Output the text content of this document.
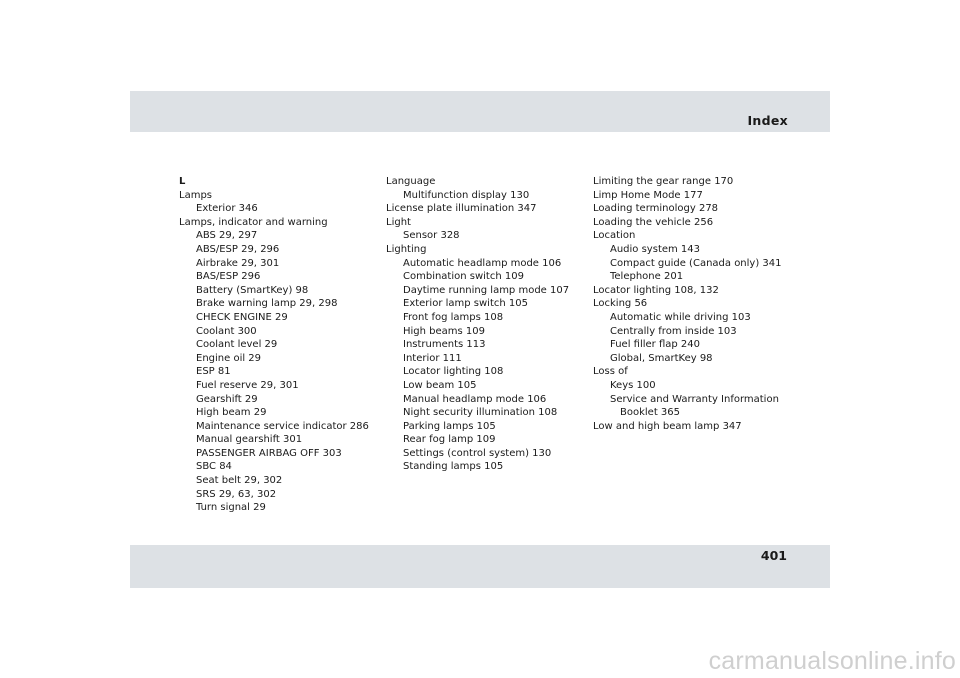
Index
L
Lamps
Exterior 346
Lamps, indicator and warning
ABS 29, 297
ABS/ESP 29, 296
Airbrake 29, 301
BAS/ESP 296
Battery (SmartKey) 98
Brake warning lamp 29, 298
CHECK ENGINE 29
Coolant 300
Coolant level 29
Engine oil 29
ESP 81
Fuel reserve 29, 301
Gearshift 29
High beam 29
Maintenance service indicator 286
Manual gearshift 301
PASSENGER AIRBAG OFF 303
SBC 84
Seat belt 29, 302
SRS 29, 63, 302
Turn signal 29
Language
Multifunction display 130
License plate illumination 347
Light
Sensor 328
Lighting
Automatic headlamp mode 106
Combination switch 109
Daytime running lamp mode 107
Exterior lamp switch 105
Front fog lamps 108
High beams 109
Instruments 113
Interior 111
Locator lighting 108
Low beam 105
Manual headlamp mode 106
Night security illumination 108
Parking lamps 105
Rear fog lamp 109
Settings (control system) 130
Standing lamps 105
Limiting the gear range 170
Limp Home Mode 177
Loading terminology 278
Loading the vehicle 256
Location
Audio system 143
Compact guide (Canada only) 341
Telephone 201
Locator lighting 108, 132
Locking 56
Automatic while driving 103
Centrally from inside 103
Fuel filler flap 240
Global, SmartKey 98
Loss of
Keys 100
Service and Warranty Information
Booklet 365
Low and high beam lamp 347
401
carmanualsonline.info
